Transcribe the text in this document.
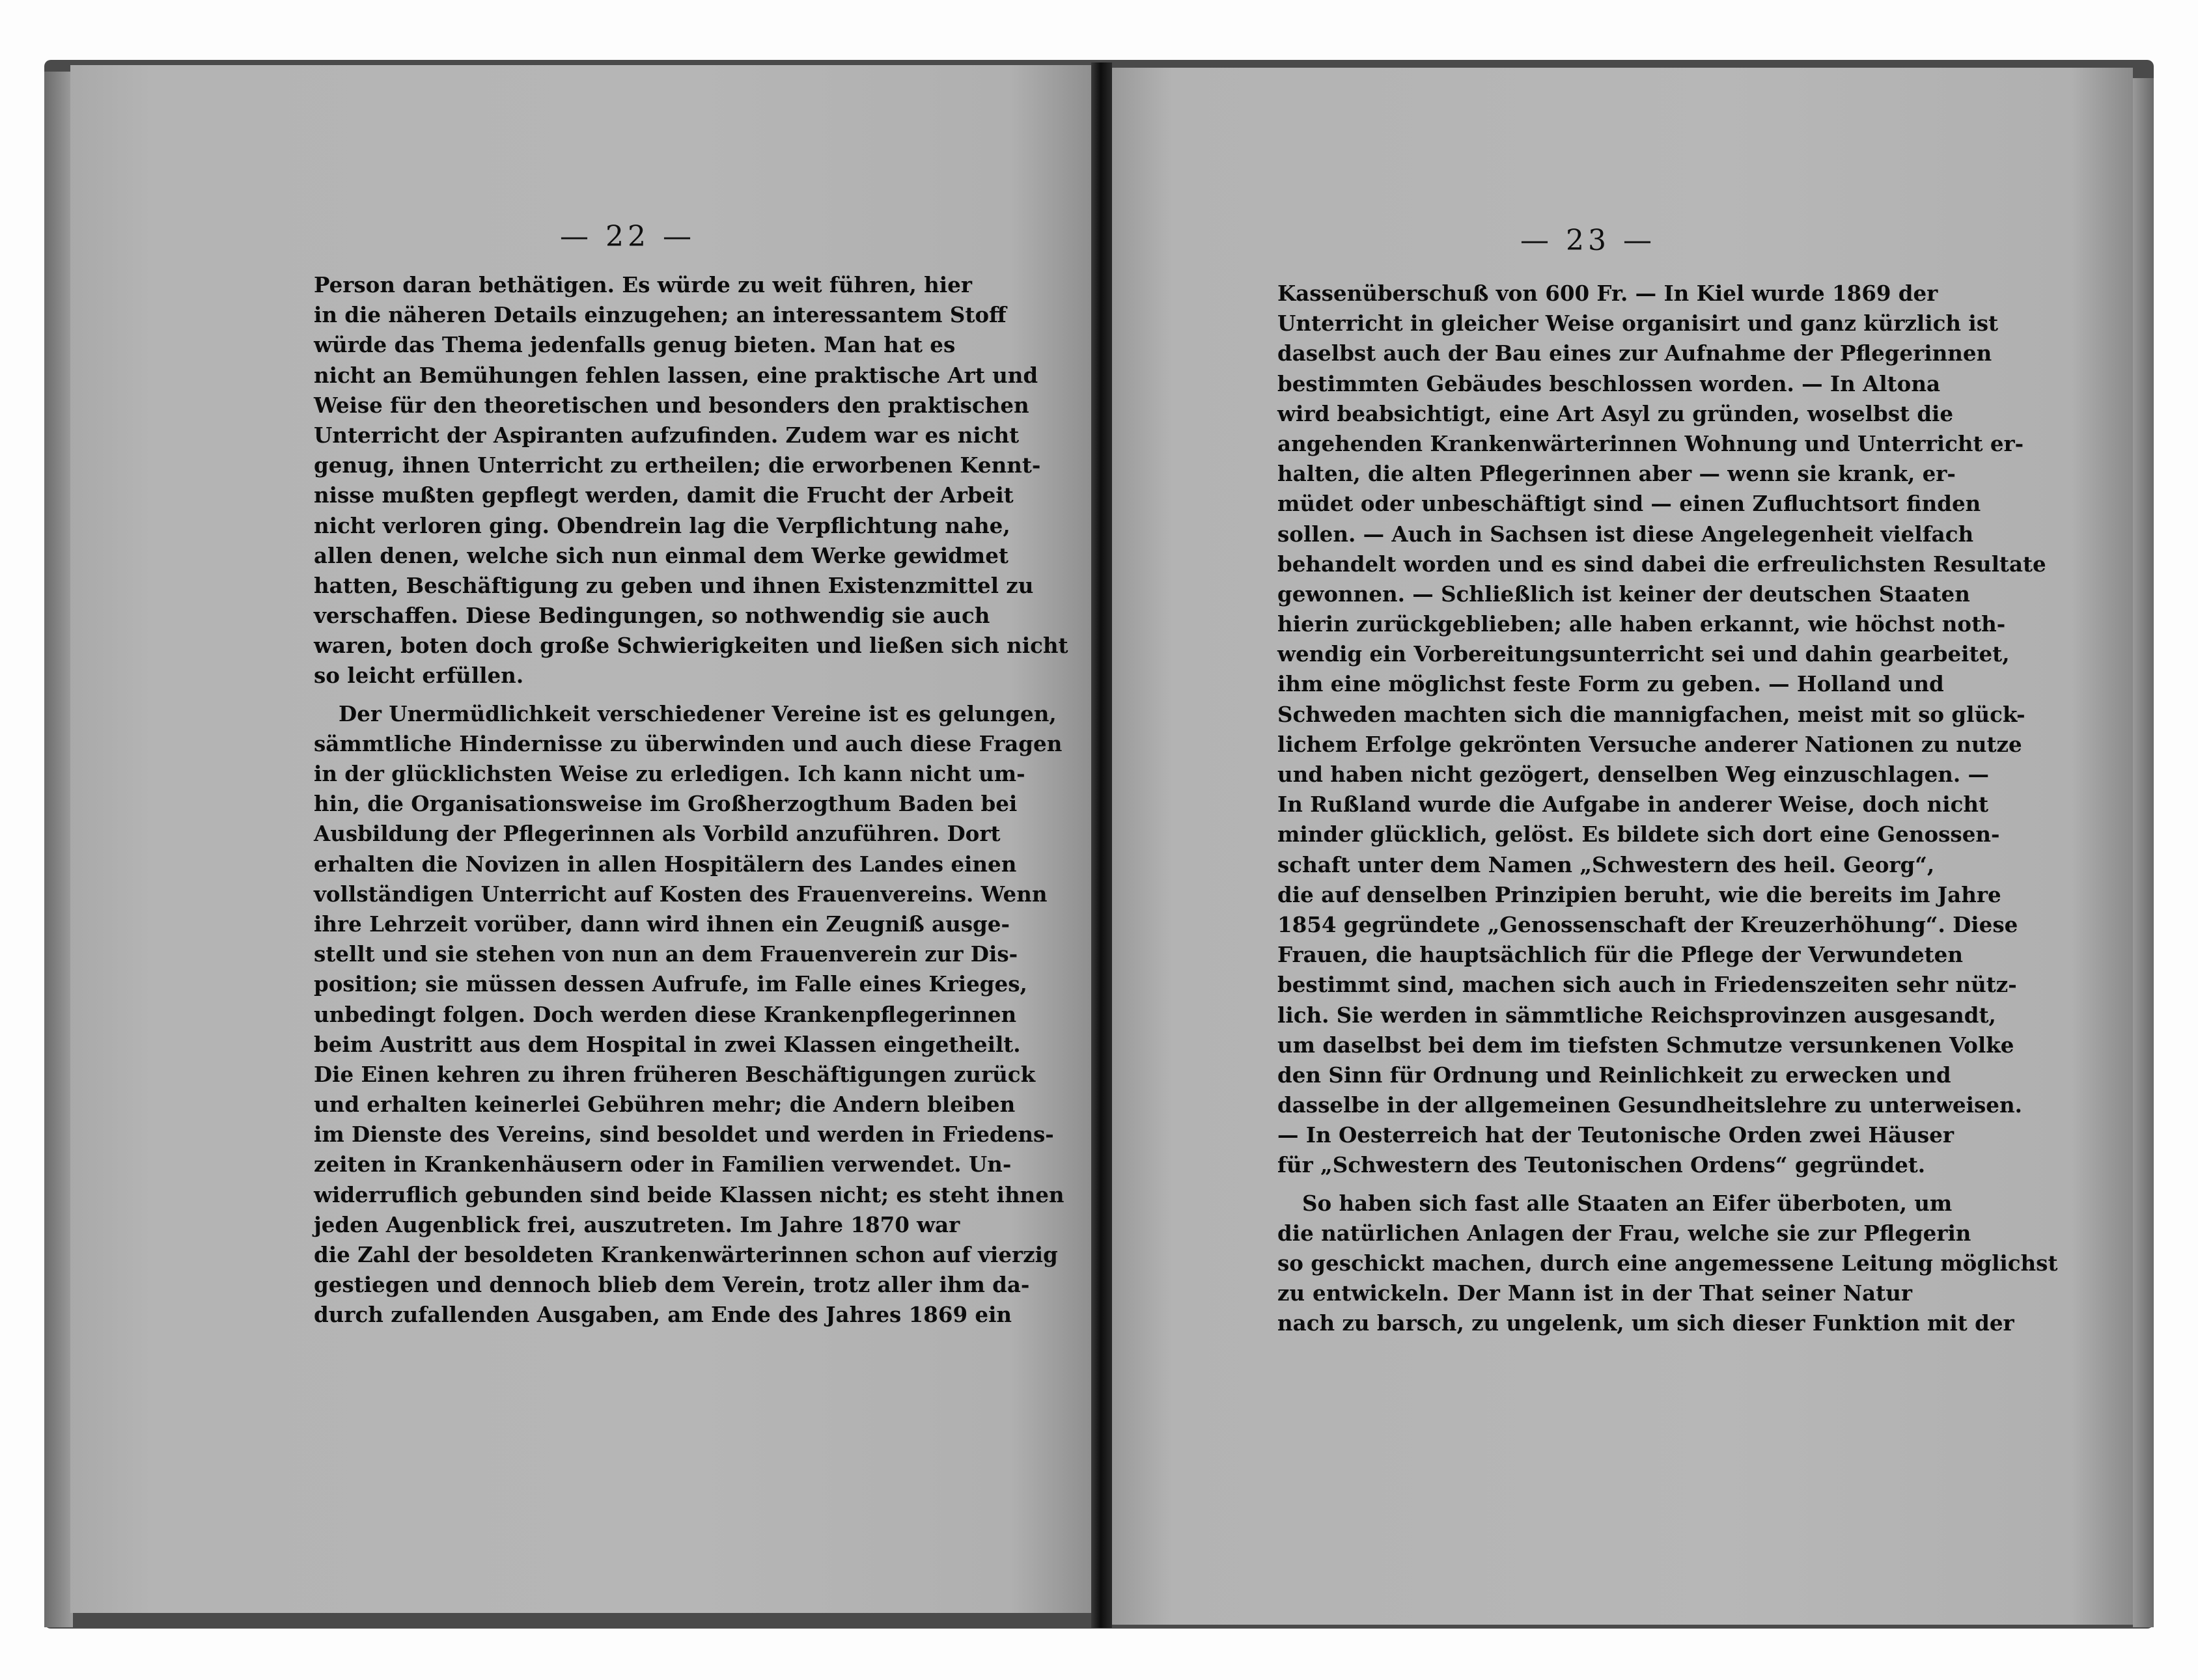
— 22 —	— 23 —
Person daran bethätigen. Es würde zu weit führen, hier
in die näheren Details einzugehen; an interessantem Stoff
würde das Thema jedenfalls genug bieten. Man hat es
nicht an Bemühungen fehlen lassen, eine praktische Art und
Weise für den theoretischen und besonders den praktischen
Unterricht der Aspiranten aufzufinden. Zudem war es nicht
genug, ihnen Unterricht zu ertheilen; die erworbenen Kennt-
nisse mußten gepflegt werden, damit die Frucht der Arbeit
nicht verloren ging. Obendrein lag die Verpflichtung nahe,
allen denen, welche sich nun einmal dem Werke gewidmet
hatten, Beschäftigung zu geben und ihnen Existenzmittel zu
verschaffen. Diese Bedingungen, so nothwendig sie auch
waren, boten doch große Schwierigkeiten und ließen sich nicht
so leicht erfüllen.
Der Unermüdlichkeit verschiedener Vereine ist es gelungen,
sämmtliche Hindernisse zu überwinden und auch diese Fragen
in der glücklichsten Weise zu erledigen. Ich kann nicht um-
hin, die Organisationsweise im Großherzogthum Baden bei
Ausbildung der Pflegerinnen als Vorbild anzuführen. Dort
erhalten die Novizen in allen Hospitälern des Landes einen
vollständigen Unterricht auf Kosten des Frauenvereins. Wenn
ihre Lehrzeit vorüber, dann wird ihnen ein Zeugniß ausge-
stellt und sie stehen von nun an dem Frauenverein zur Dis-
position; sie müssen dessen Aufrufe, im Falle eines Krieges,
unbedingt folgen. Doch werden diese Krankenpflegerinnen
beim Austritt aus dem Hospital in zwei Klassen eingetheilt.
Die Einen kehren zu ihren früheren Beschäftigungen zurück
und erhalten keinerlei Gebühren mehr; die Andern bleiben
im Dienste des Vereins, sind besoldet und werden in Friedens-
zeiten in Krankenhäusern oder in Familien verwendet. Un-
widerruflich gebunden sind beide Klassen nicht; es steht ihnen
jeden Augenblick frei, auszutreten. Im Jahre 1870 war
die Zahl der besoldeten Krankenwärterinnen schon auf vierzig
gestiegen und dennoch blieb dem Verein, trotz aller ihm da-
durch zufallenden Ausgaben, am Ende des Jahres 1869 ein
Kassenüberschuß von 600 Fr. — In Kiel wurde 1869 der
Unterricht in gleicher Weise organisirt und ganz kürzlich ist
daselbst auch der Bau eines zur Aufnahme der Pflegerinnen
bestimmten Gebäudes beschlossen worden. — In Altona
wird beabsichtigt, eine Art Asyl zu gründen, woselbst die
angehenden Krankenwärterinnen Wohnung und Unterricht er-
halten, die alten Pflegerinnen aber — wenn sie krank, er-
müdet oder unbeschäftigt sind — einen Zufluchtsort finden
sollen. — Auch in Sachsen ist diese Angelegenheit vielfach
behandelt worden und es sind dabei die erfreulichsten Resultate
gewonnen. — Schließlich ist keiner der deutschen Staaten
hierin zurückgeblieben; alle haben erkannt, wie höchst noth-
wendig ein Vorbereitungsunterricht sei und dahin gearbeitet,
ihm eine möglichst feste Form zu geben. — Holland und
Schweden machten sich die mannigfachen, meist mit so glück-
lichem Erfolge gekrönten Versuche anderer Nationen zu nutze
und haben nicht gezögert, denselben Weg einzuschlagen. —
In Rußland wurde die Aufgabe in anderer Weise, doch nicht
minder glücklich, gelöst. Es bildete sich dort eine Genossen-
schaft unter dem Namen „Schwestern des heil. Georg“,
die auf denselben Prinzipien beruht, wie die bereits im Jahre
1854 gegründete „Genossenschaft der Kreuzerhöhung“. Diese
Frauen, die hauptsächlich für die Pflege der Verwundeten
bestimmt sind, machen sich auch in Friedenszeiten sehr nütz-
lich. Sie werden in sämmtliche Reichsprovinzen ausgesandt,
um daselbst bei dem im tiefsten Schmutze versunkenen Volke
den Sinn für Ordnung und Reinlichkeit zu erwecken und
dasselbe in der allgemeinen Gesundheitslehre zu unterweisen.
— In Oesterreich hat der Teutonische Orden zwei Häuser
für „Schwestern des Teutonischen Ordens“ gegründet.
So haben sich fast alle Staaten an Eifer überboten, um
die natürlichen Anlagen der Frau, welche sie zur Pflegerin
so geschickt machen, durch eine angemessene Leitung möglichst
zu entwickeln. Der Mann ist in der That seiner Natur
nach zu barsch, zu ungelenk, um sich dieser Funktion mit der
